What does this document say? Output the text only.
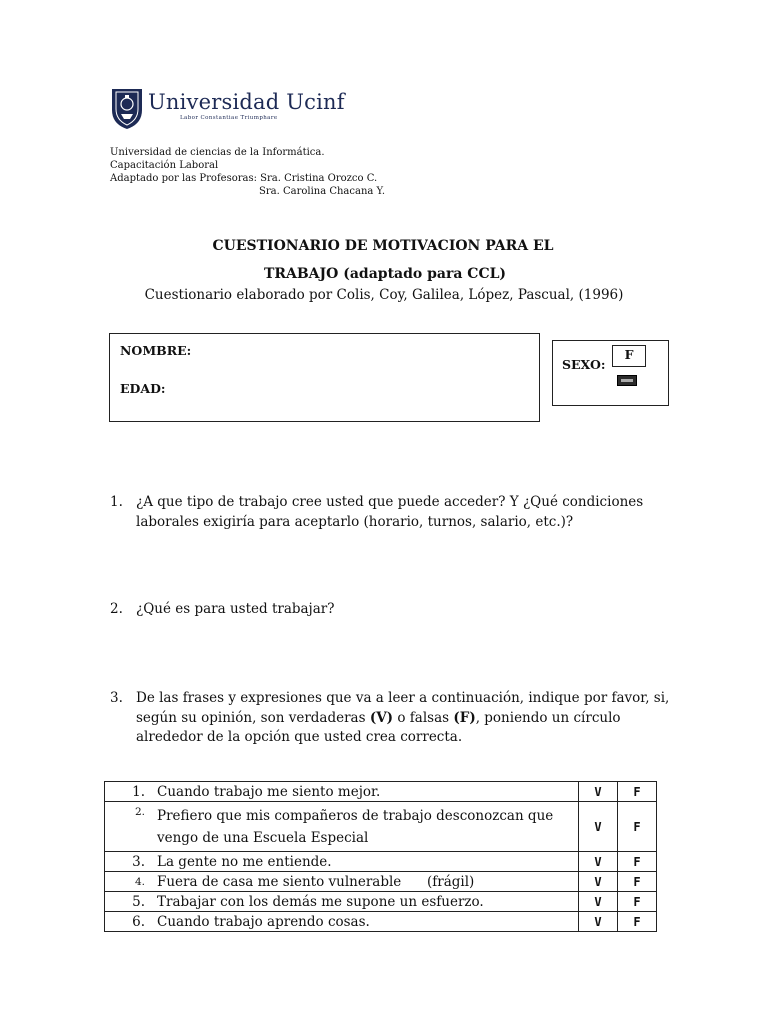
Universidad Ucinf
Labor Constantiae Triumphare
Universidad de ciencias de la Informática.
Capacitación Laboral
Adaptado por las Profesoras: Sra. Cristina Orozco C.
Sra. Carolina Chacana Y.
CUESTIONARIO DE MOTIVACION PARA EL
TRABAJO (adaptado para CCL)
Cuestionario elaborado por Colis, Coy, Galilea, López, Pascual, (1996)
NOMBRE:
EDAD:
SEXO:
F
1. ¿A que tipo de trabajo cree usted que puede acceder? Y ¿Qué condiciones laborales exigiría para aceptarlo (horario, turnos, salario, etc.)?
2. ¿Qué es para usted trabajar?
3. De las frases y expresiones que va a leer a continuación, indique por favor, si, según su opinión, son verdaderas (V) o falsas (F), poniendo un círculo alrededor de la opción que usted crea correcta.
1.	Cuando trabajo me siento mejor.	V	F
2.	Prefiero que mis compañeros de trabajo desconozcan que
vengo de una Escuela Especial	V	F
3.	La gente no me entiende.	V	F
4.	Fuera de casa me siento vulnerable      (frágil)	V	F
5.	Trabajar con los demás me supone un esfuerzo.	V	F
6.	Cuando trabajo aprendo cosas.	V	F
